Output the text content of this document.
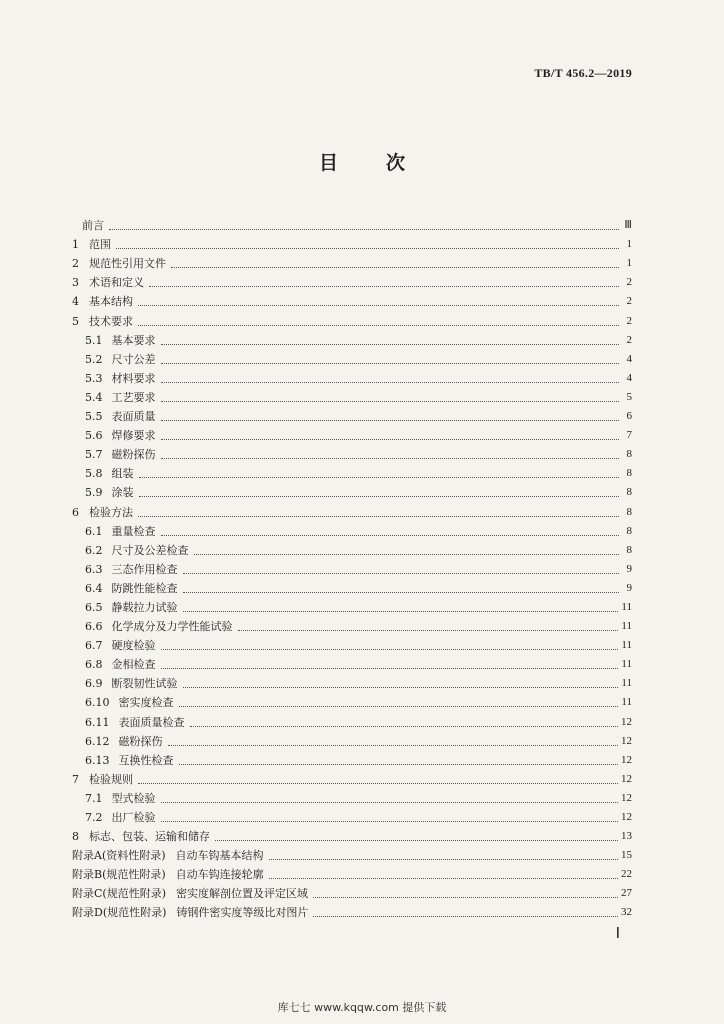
TB/T 456.2—2019
目次
前言	Ⅲ
1 范围	1
2 规范性引用文件	1
3 术语和定义	2
4 基本结构	2
5 技术要求	2
5.1 基本要求	2
5.2 尺寸公差	4
5.3 材料要求	4
5.4 工艺要求	5
5.5 表面质量	6
5.6 焊修要求	7
5.7 磁粉探伤	8
5.8 组装	8
5.9 涂装	8
6 检验方法	8
6.1 重量检查	8
6.2 尺寸及公差检查	8
6.3 三态作用检查	9
6.4 防跳性能检查	9
6.5 静载拉力试验	11
6.6 化学成分及力学性能试验	11
6.7 硬度检验	11
6.8 金相检查	11
6.9 断裂韧性试验	11
6.10 密实度检查	11
6.11 表面质量检查	12
6.12 磁粉探伤	12
6.13 互换性检查	12
7 检验规则	12
7.1 型式检验	12
7.2 出厂检验	12
8 标志、包装、运输和储存	13
附录A(资料性附录) 自动车钩基本结构	15
附录B(规范性附录) 自动车钩连接轮廓	22
附录C(规范性附录) 密实度解剖位置及评定区域	27
附录D(规范性附录) 铸钢件密实度等级比对图片	32
Ⅰ
库七七 www.kqqw.com 提供下载
